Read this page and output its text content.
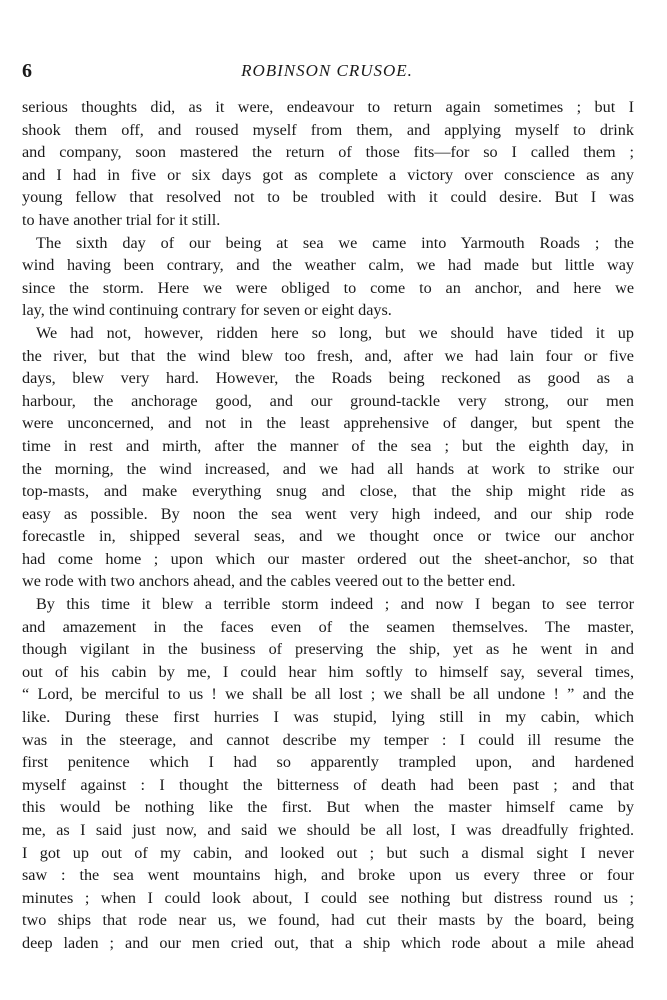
6	ROBINSON CRUSOE.
serious thoughts did, as it were, endeavour to return again sometimes ; but I
shook them off, and roused myself from them, and applying myself to drink
and company, soon mastered the return of those fits—for so I called them ;
and I had in five or six days got as complete a victory over conscience as any
young fellow that resolved not to be troubled with it could desire. But I was
to have another trial for it still.
The sixth day of our being at sea we came into Yarmouth Roads ; the
wind having been contrary, and the weather calm, we had made but little way
since the storm. Here we were obliged to come to an anchor, and here we
lay, the wind continuing contrary for seven or eight days.
We had not, however, ridden here so long, but we should have tided it up
the river, but that the wind blew too fresh, and, after we had lain four or five
days, blew very hard. However, the Roads being reckoned as good as a
harbour, the anchorage good, and our ground-tackle very strong, our men
were unconcerned, and not in the least apprehensive of danger, but spent the
time in rest and mirth, after the manner of the sea ; but the eighth day, in
the morning, the wind increased, and we had all hands at work to strike our
top-masts, and make everything snug and close, that the ship might ride as
easy as possible. By noon the sea went very high indeed, and our ship rode
forecastle in, shipped several seas, and we thought once or twice our anchor
had come home ; upon which our master ordered out the sheet-anchor, so that
we rode with two anchors ahead, and the cables veered out to the better end.
By this time it blew a terrible storm indeed ; and now I began to see terror
and amazement in the faces even of the seamen themselves. The master,
though vigilant in the business of preserving the ship, yet as he went in and
out of his cabin by me, I could hear him softly to himself say, several times,
“ Lord, be merciful to us ! we shall be all lost ; we shall be all undone ! ” and the
like. During these first hurries I was stupid, lying still in my cabin, which
was in the steerage, and cannot describe my temper : I could ill resume the
first penitence which I had so apparently trampled upon, and hardened
myself against : I thought the bitterness of death had been past ; and that
this would be nothing like the first. But when the master himself came by
me, as I said just now, and said we should be all lost, I was dreadfully frighted.
I got up out of my cabin, and looked out ; but such a dismal sight I never
saw : the sea went mountains high, and broke upon us every three or four
minutes ; when I could look about, I could see nothing but distress round us ;
two ships that rode near us, we found, had cut their masts by the board, being
deep laden ; and our men cried out, that a ship which rode about a mile ahead
